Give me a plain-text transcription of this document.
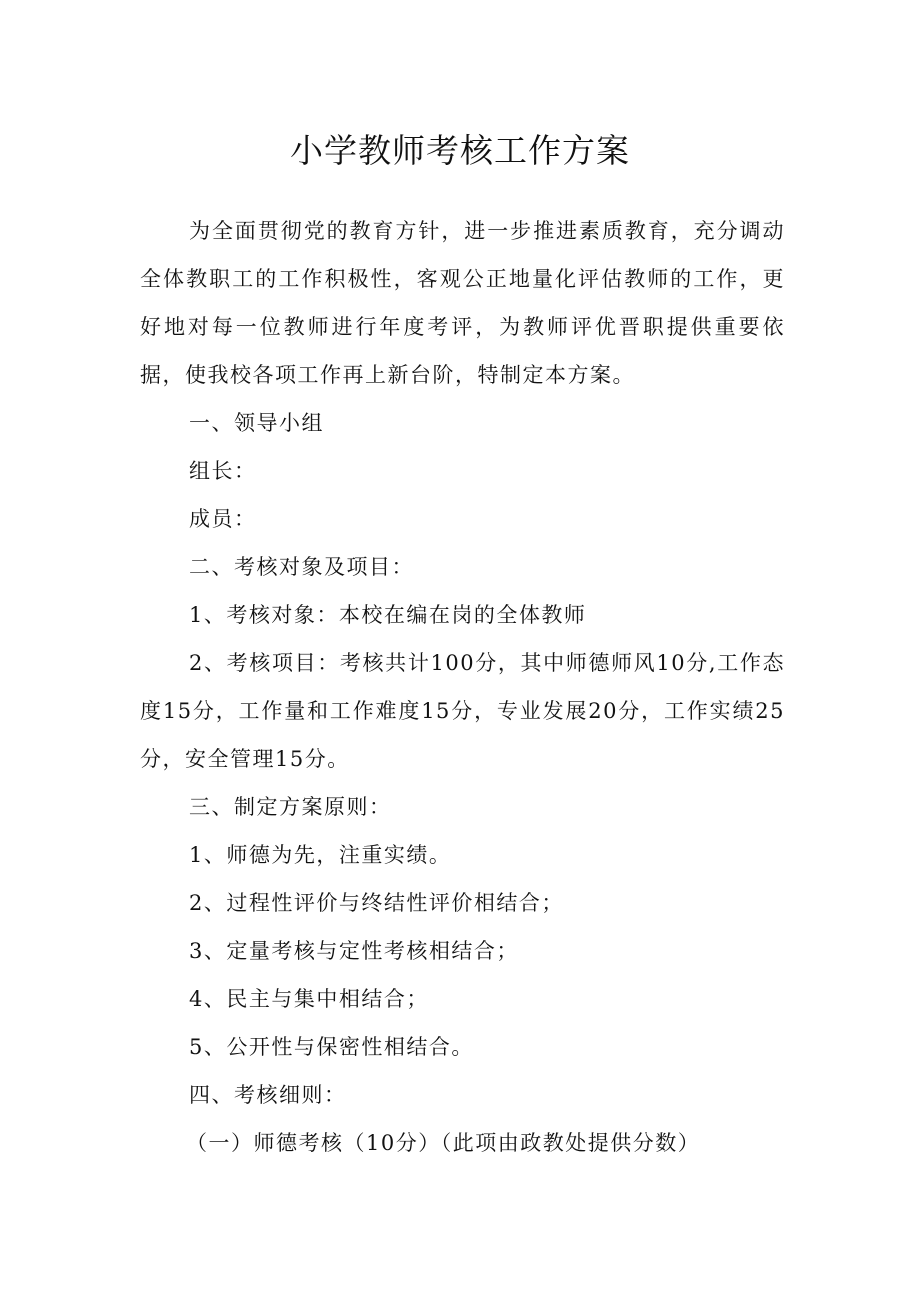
小学教师考核工作方案
为全面贯彻党的教育方针，进一步推进素质教育，充分调动全体教职工的工作积极性，客观公正地量化评估教师的工作，更好地对每一位教师进行年度考评，为教师评优晋职提供重要依据，使我校各项工作再上新台阶，特制定本方案。
一、领导小组
组长：
成员：
二、考核对象及项目：
1、考核对象：本校在编在岗的全体教师
2、考核项目：考核共计100分，其中师德师风10分,工作态度15分，工作量和工作难度15分，专业发展20分，工作实绩25分，安全管理15分。
三、制定方案原则：
1、师德为先，注重实绩。
2、过程性评价与终结性评价相结合；
3、定量考核与定性考核相结合；
4、民主与集中相结合；
5、公开性与保密性相结合。
四、考核细则：
（一）师德考核（10分）（此项由政教处提供分数）
